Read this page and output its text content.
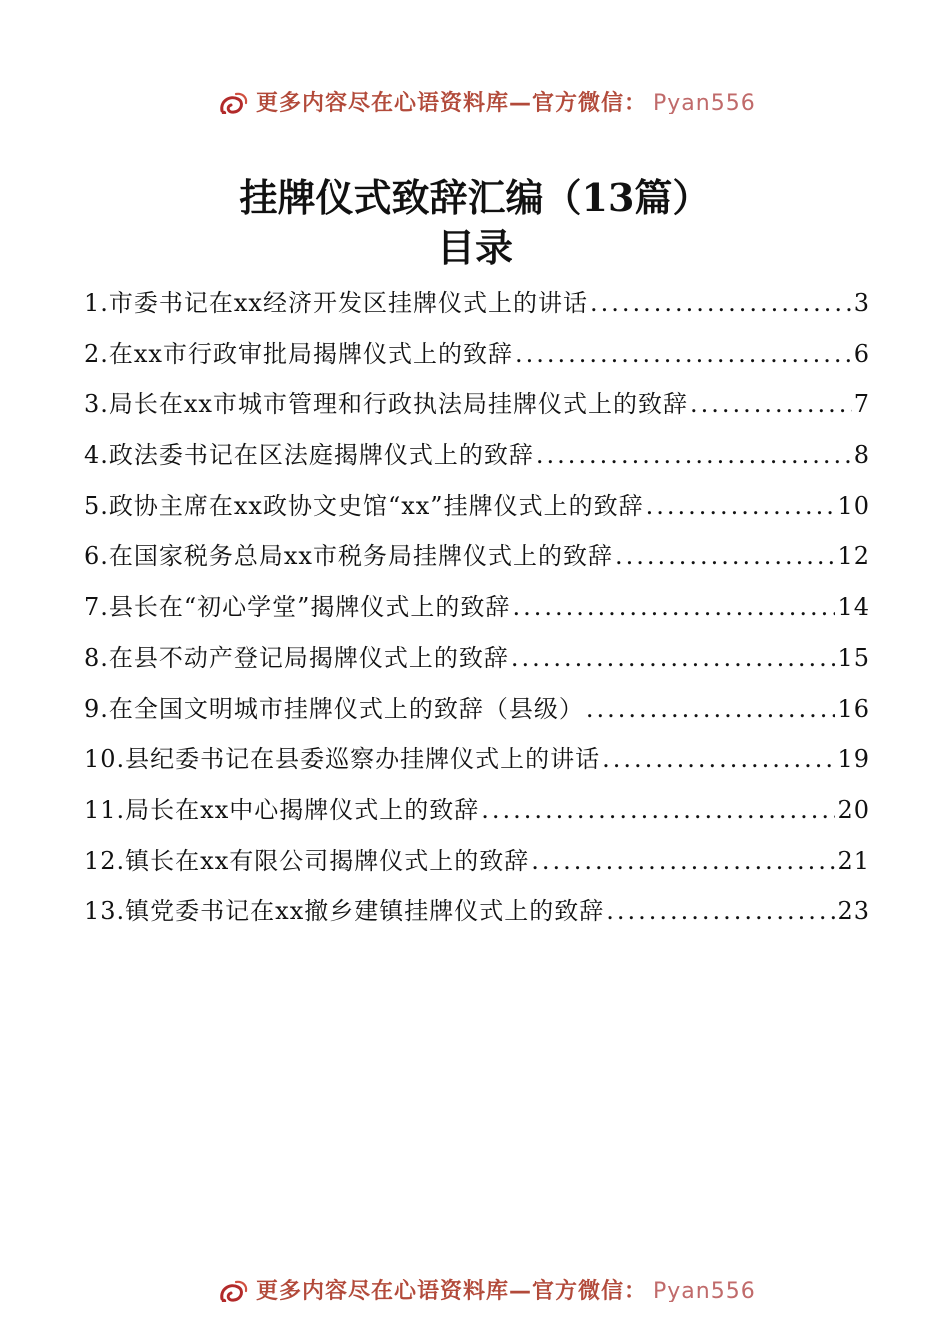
更多内容尽在心语资料库—官方微信： Pyan556
挂牌仪式致辞汇编（13篇）
目录
1.市委书记在xx经济开发区挂牌仪式上的讲话 .....	3
2.在xx市行政审批局揭牌仪式上的致辞 .....	6
3.局长在xx市城市管理和行政执法局挂牌仪式上的致辞 .....	7
4.政法委书记在区法庭揭牌仪式上的致辞 .....	8
5.政协主席在xx政协文史馆“xx”挂牌仪式上的致辞 .....	10
6.在国家税务总局xx市税务局挂牌仪式上的致辞 .....	12
7.县长在“初心学堂”揭牌仪式上的致辞 .....	14
8.在县不动产登记局揭牌仪式上的致辞 .....	15
9.在全国文明城市挂牌仪式上的致辞（县级） .....	16
10.县纪委书记在县委巡察办挂牌仪式上的讲话 .....	19
11.局长在xx中心揭牌仪式上的致辞 .....	20
12.镇长在xx有限公司揭牌仪式上的致辞 .....	21
13.镇党委书记在xx撤乡建镇挂牌仪式上的致辞 .....	23
更多内容尽在心语资料库—官方微信： Pyan556
